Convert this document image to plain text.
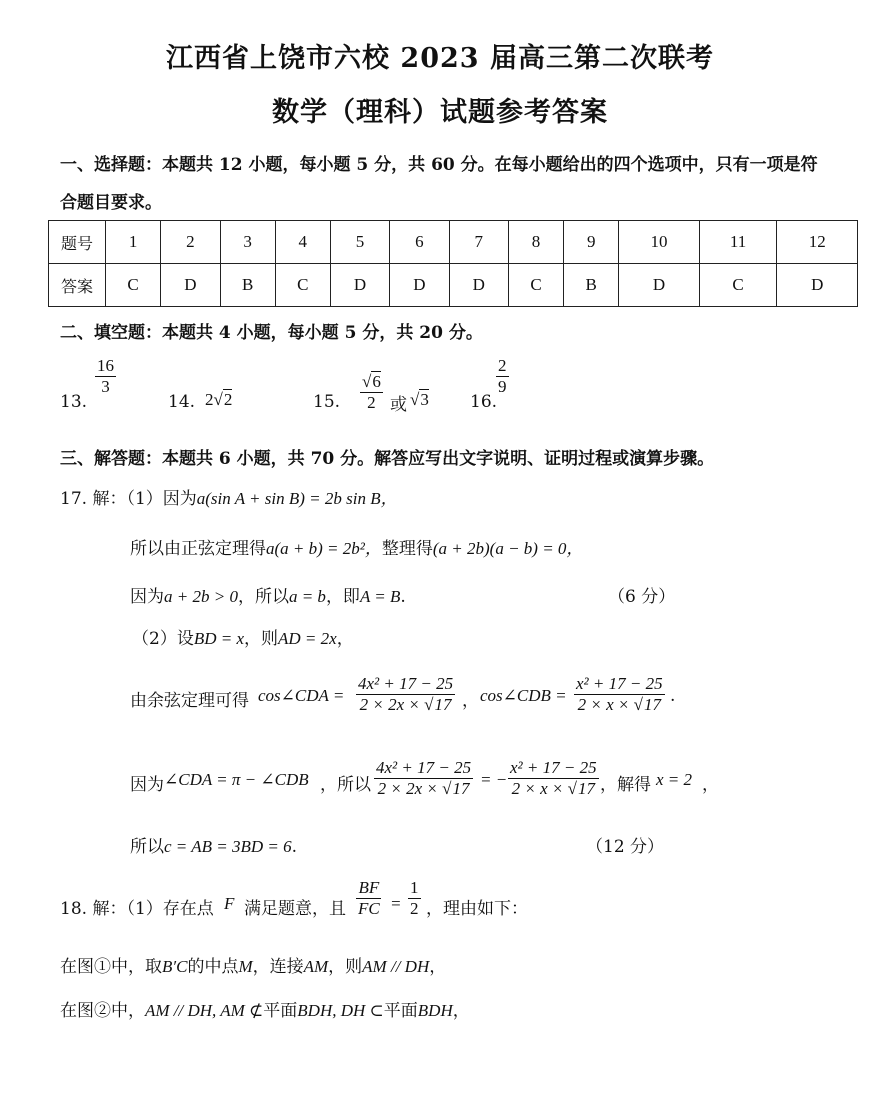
江西省上饶市六校 2023 届高三第二次联考
数学（理科）试题参考答案
一、选择题：本题共 12 小题，每小题 5 分，共 60 分。在每小题给出的四个选项中，只有一项是符
合题目要求。
题号	1	2	3	4	5	6	7	8	9	10	11	12
答案	C	D	B	C	D	D	D	C	B	D	C	D
二、填空题：本题共 4 小题，每小题 5 分，共 20 分。
13.
$\frac{16}{3}$
14. 2√2	15. $\frac{√6}{2}$ 或 √3 16.
$\frac{2}{9}$
三、解答题：本题共 6 小题，共 70 分。解答应写出文字说明、证明过程或演算步骤。
17. 解：（1）因为a(sin A + sin B) = 2b sin B，
所以由正弦定理得a(a + b) = 2b²，整理得(a + 2b)(a − b) = 0，
因为a + 2b > 0，所以a = b，即A = B.	（6 分）
（2）设BD = x，则AD = 2x，
由余弦定理可得 cos∠CDA = $\frac{\text{4x² + 17 − 25}}{2 \times 2x \times √17}$ ， cos∠CDB = $\frac{\text{x² + 17 − 25}}{2 \times x \times √17}$ .
因为 ∠CDA = π − ∠CDB ，所以 $\frac{\text{4x² + 17 − 25}}{2 \times 2x \times √17}$ = − $\frac{\text{x² + 17 − 25}}{2 \times x \times √17}$ ，解得 x = 2 ，
所以c = AB = 3BD = 6.	（12 分）
18. 解：（1）存在点 F 满足题意，且 $\frac{BF}{FC} = \frac{1}{2}$ ，理由如下：
在图①中，取B′C的中点M，连接AM，则AM // DH，
在图②中，AM // DH, AM ⊄平面BDH, DH ⊂平面BDH，
